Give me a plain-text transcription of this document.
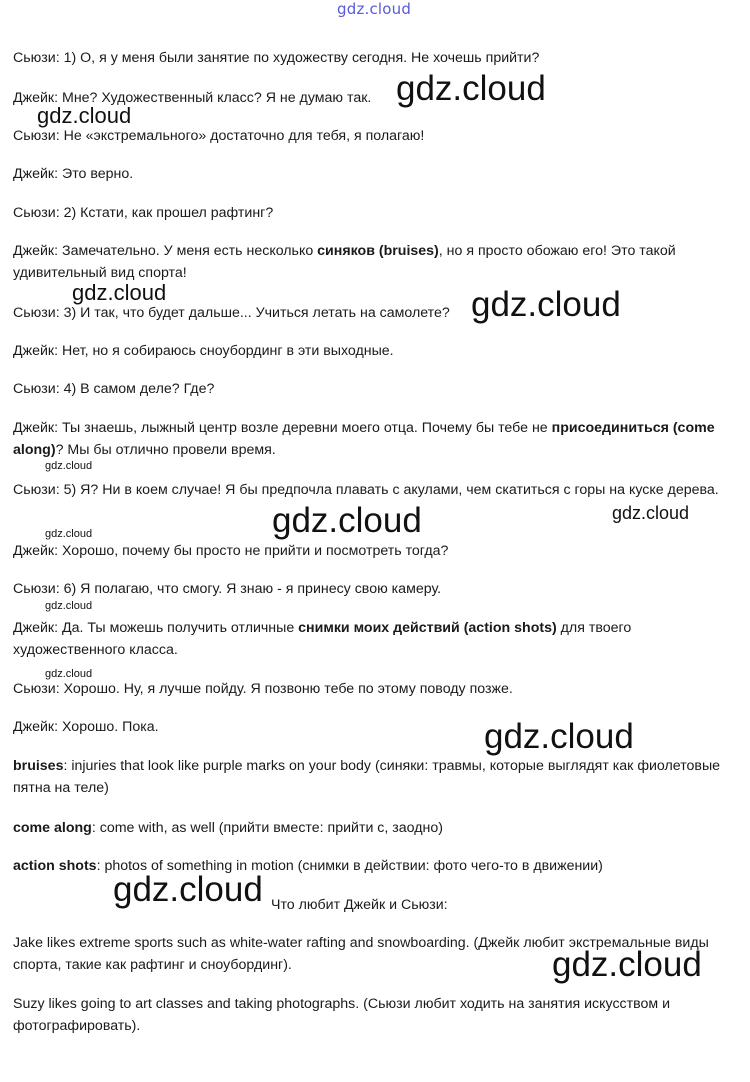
gdz.cloud

Сьюзи: 1) О, я у меня были занятие по художеству сегодня. Не хочешь прийти?

Джейк: Мне? Художественный класс? Я не думаю так.

Сьюзи: Не «экстремального» достаточно для тебя, я полагаю!

Джейк: Это верно.

Сьюзи: 2) Кстати, как прошел рафтинг?

Джейк: Замечательно. У меня есть несколько синяков (bruises), но я просто обожаю его! Это такой удивительный вид спорта!

Сьюзи: 3) И так, что будет дальше... Учиться летать на самолете?

Джейк: Нет, но я собираюсь сноубординг в эти выходные.

Сьюзи: 4) В самом деле? Где?

Джейк: Ты знаешь, лыжный центр возле деревни моего отца. Почему бы тебе не присоединиться (come along)? Мы бы отлично провели время.

Сьюзи: 5) Я? Ни в коем случае! Я бы предпочла плавать с акулами, чем скатиться с горы на куске дерева.

Джейк: Хорошо, почему бы просто не прийти и посмотреть тогда?

Сьюзи: 6) Я полагаю, что смогу. Я знаю - я принесу свою камеру.

Джейк: Да. Ты можешь получить отличные снимки моих действий (action shots) для твоего художественного класса.

Сьюзи: Хорошо. Ну, я лучше пойду. Я позвоню тебе по этому поводу позже.

Джейк: Хорошо. Пока.

bruises: injuries that look like purple marks on your body (синяки: травмы, которые выглядят как фиолетовые пятна на теле)

come along: come with, as well (прийти вместе: прийти с, заодно)

action shots: photos of something in motion (снимки в действии: фото чего-то в движении)

Что любит Джейк и Сьюзи:

Jake likes extreme sports such as white-water rafting and snowboarding. (Джейк любит экстремальные виды спорта, такие как рафтинг и сноубординг).

Suzy likes going to art classes and taking photographs. (Сьюзи любит ходить на занятия искусством и фотографировать).

gdz.cloud
gdz.cloud
gdz.cloud	gdz.cloud
gdz.cloud
gdz.cloud	gdz.cloud
gdz.cloud
gdz.cloud
gdz.cloud
gdz.cloud
gdz.cloud
gdz.cloud
